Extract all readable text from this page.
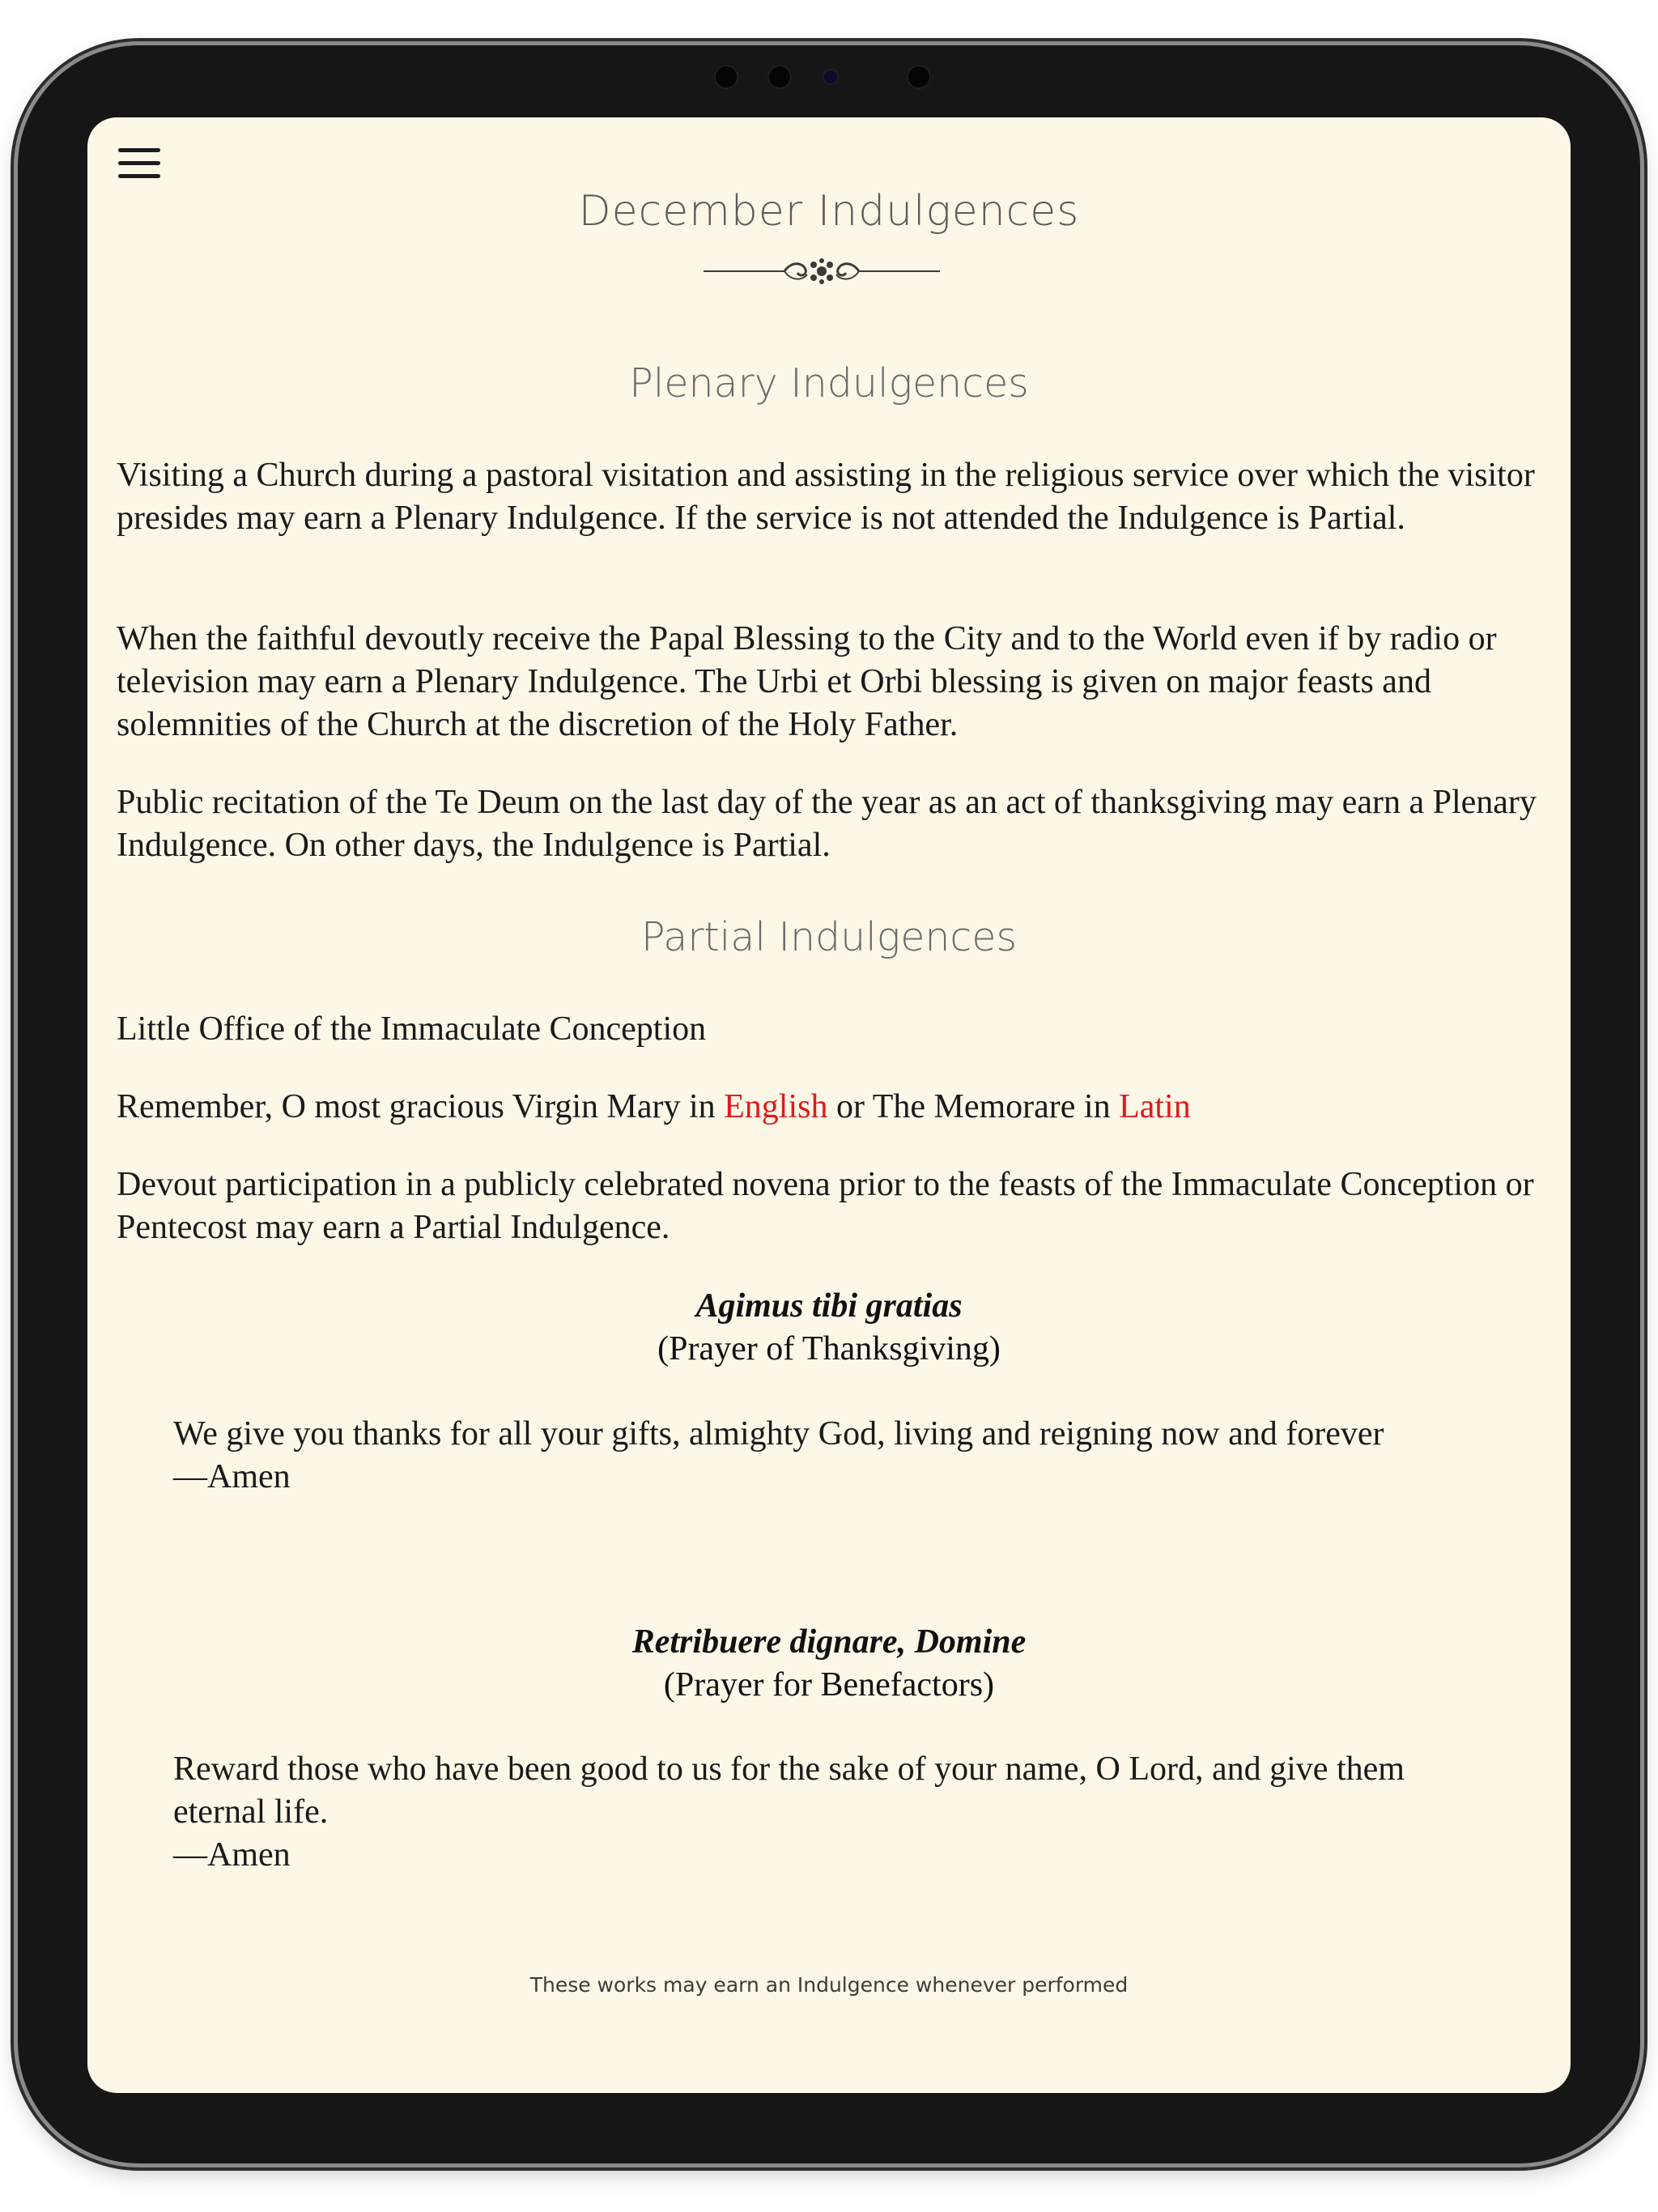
December Indulgences
Plenary Indulgences

Visiting a Church during a pastoral visitation and assisting in the religious service over which the visitor presides may earn a Plenary Indulgence. If the service is not attended the Indulgence is Partial.

When the faithful devoutly receive the Papal Blessing to the City and to the World even if by radio or television may earn a Plenary Indulgence. The Urbi et Orbi blessing is given on major feasts and solemnities of the Church at the discretion of the Holy Father.

Public recitation of the Te Deum on the last day of the year as an act of thanksgiving may earn a Plenary Indulgence. On other days, the Indulgence is Partial.

Partial Indulgences

Little Office of the Immaculate Conception

Remember, O most gracious Virgin Mary in English or The Memorare in Latin

Devout participation in a publicly celebrated novena prior to the feasts of the Immaculate Conception or Pentecost may earn a Partial Indulgence.

Agimus tibi gratias
(Prayer of Thanksgiving)
We give you thanks for all your gifts, almighty God, living and reigning now and forever
—Amen
Retribuere dignare, Domine
(Prayer for Benefactors)
Reward those who have been good to us for the sake of your name, O Lord, and give them eternal life.
—Amen
These works may earn an Indulgence whenever performed
